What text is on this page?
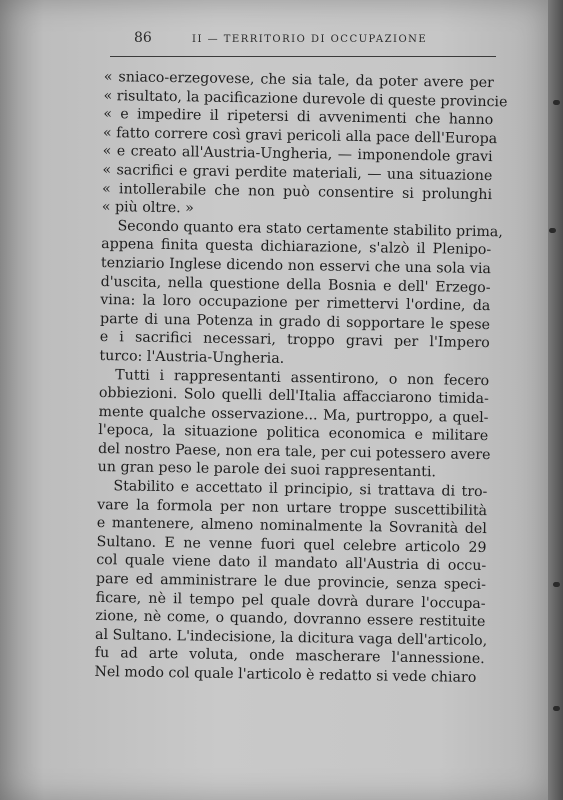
86	II — TERRITORIO DI OCCUPAZIONE
« sniaco-erzegovese, che sia tale, da poter avere per
« risultato, la pacificazione durevole di queste provincie
« e impedire il ripetersi di avvenimenti che hanno
« fatto correre così gravi pericoli alla pace dell'Europa
« e creato all'Austria-Ungheria, — imponendole gravi
« sacrifici e gravi perdite materiali, — una situazione
« intollerabile che non può consentire si prolunghi
« più oltre. »
Secondo quanto era stato certamente stabilito prima,
appena finita questa dichiarazione, s'alzò il Plenipo-
tenziario Inglese dicendo non esservi che una sola via
d'uscita, nella questione della Bosnia e dell' Erzego-
vina: la loro occupazione per rimettervi l'ordine, da
parte di una Potenza in grado di sopportare le spese
e i sacrifici necessari, troppo gravi per l'Impero
turco: l'Austria-Ungheria.
Tutti i rappresentanti assentirono, o non fecero
obbiezioni. Solo quelli dell'Italia affacciarono timida-
mente qualche osservazione... Ma, purtroppo, a quel-
l'epoca, la situazione politica economica e militare
del nostro Paese, non era tale, per cui potessero avere
un gran peso le parole dei suoi rappresentanti.
Stabilito e accettato il principio, si trattava di tro-
vare la formola per non urtare troppe suscettibilità
e mantenere, almeno nominalmente la Sovranità del
Sultano. E ne venne fuori quel celebre articolo 29
col quale viene dato il mandato all'Austria di occu-
pare ed amministrare le due provincie, senza speci-
ficare, nè il tempo pel quale dovrà durare l'occupa-
zione, nè come, o quando, dovranno essere restituite
al Sultano. L'indecisione, la dicitura vaga dell'articolo,
fu ad arte voluta, onde mascherare l'annessione.
Nel modo col quale l'articolo è redatto si vede chiaro
